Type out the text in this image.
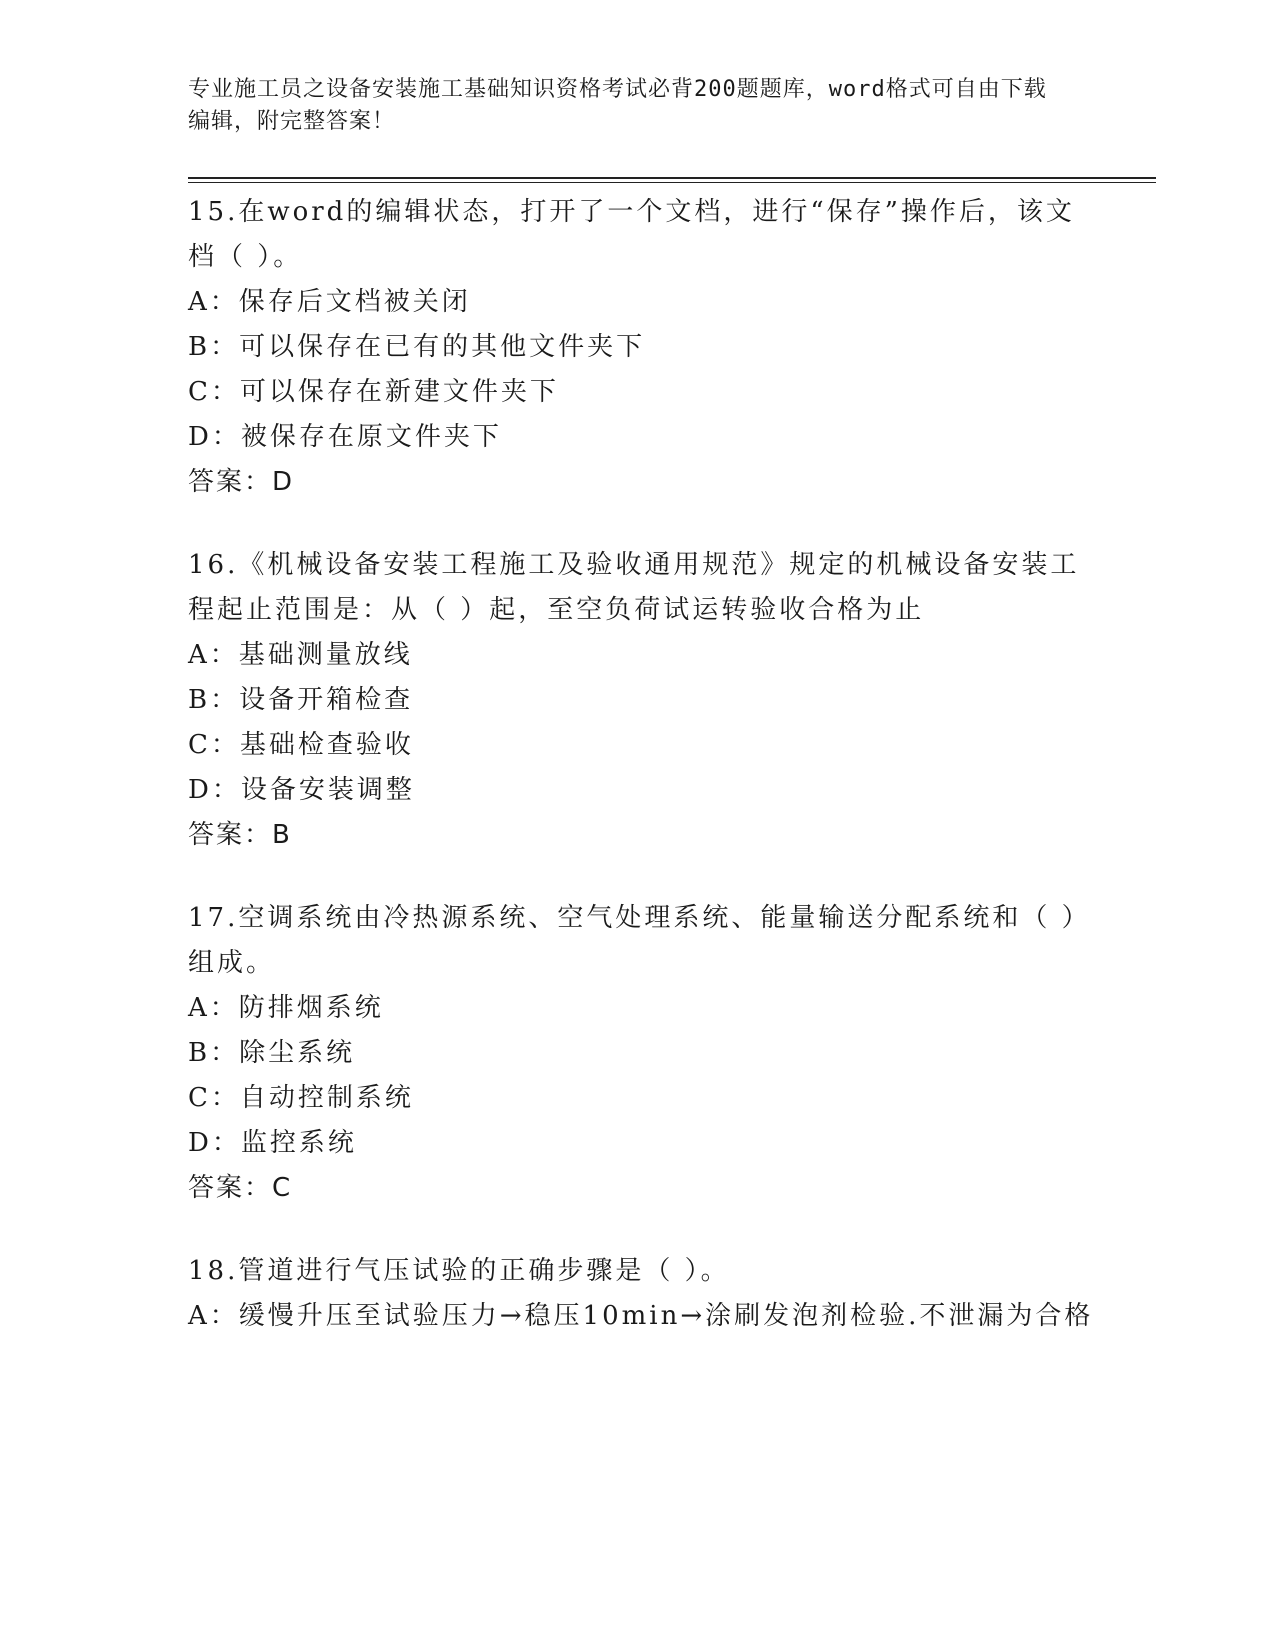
专业施工员之设备安装施工基础知识资格考试必背200题题库，word格式可自由下载编辑，附完整答案！

15.在word的编辑状态，打开了一个文档，进行“保存”操作后，该文档（ ）。

A：保存后文档被关闭

B：可以保存在已有的其他文件夹下

C：可以保存在新建文件夹下

D：被保存在原文件夹下

答案：D

16.《机械设备安装工程施工及验收通用规范》规定的机械设备安装工程起止范围是：从（ ）起，至空负荷试运转验收合格为止

A：基础测量放线

B：设备开箱检查

C：基础检查验收

D：设备安装调整

答案：B

17.空调系统由冷热源系统、空气处理系统、能量输送分配系统和（ ）组成。

A：防排烟系统

B：除尘系统

C：自动控制系统

D：监控系统

答案：C

18.管道进行气压试验的正确步骤是（ ）。

A：缓慢升压至试验压力→稳压10min→涂刷发泡剂检验.不泄漏为合格
